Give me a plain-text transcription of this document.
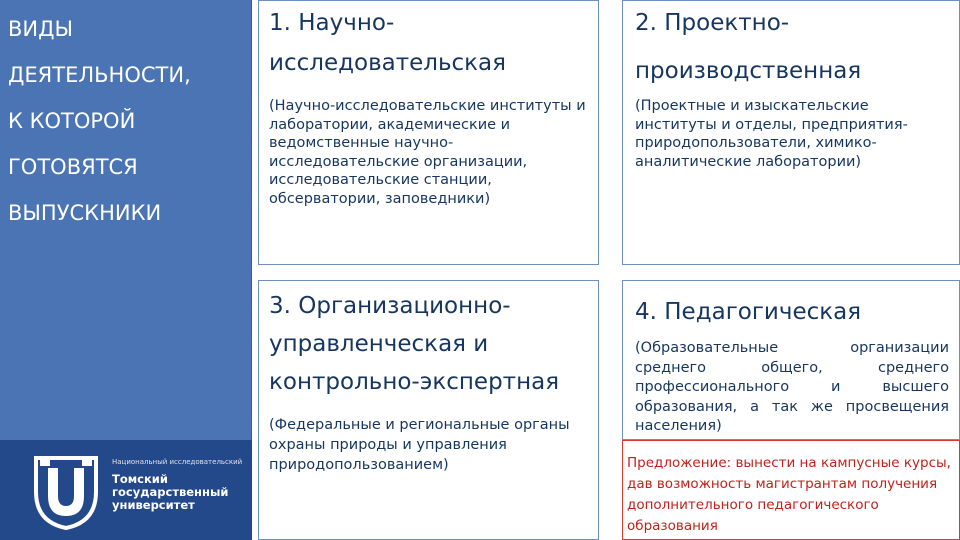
ВИДЫ
ДЕЯТЕЛЬНОСТИ,
К КОТОРОЙ
ГОТОВЯТСЯ
ВЫПУСКНИКИ
Национальный исследовательский
Томский
государственный
университет
1. Научно-исследовательская
(Научно-исследовательские институты и лаборатории, академические и ведомственные научно-исследовательские организации, исследовательские станции, обсерватории, заповедники)
2. Проектно-производственная
(Проектные и изыскательские институты и отделы, предприятия-природопользователи, химико-аналитические лаборатории)
3. Организационно-управленческая и контрольно-экспертная
(Федеральные и региональные органы охраны природы и управления природопользованием)
4. Педагогическая
(Образовательные организации среднего общего, среднего профессионального и высшего образования, а так же просвещения населения)
Предложение: вынести на кампусные курсы, дав возможность магистрантам получения дополнительного педагогического образования
